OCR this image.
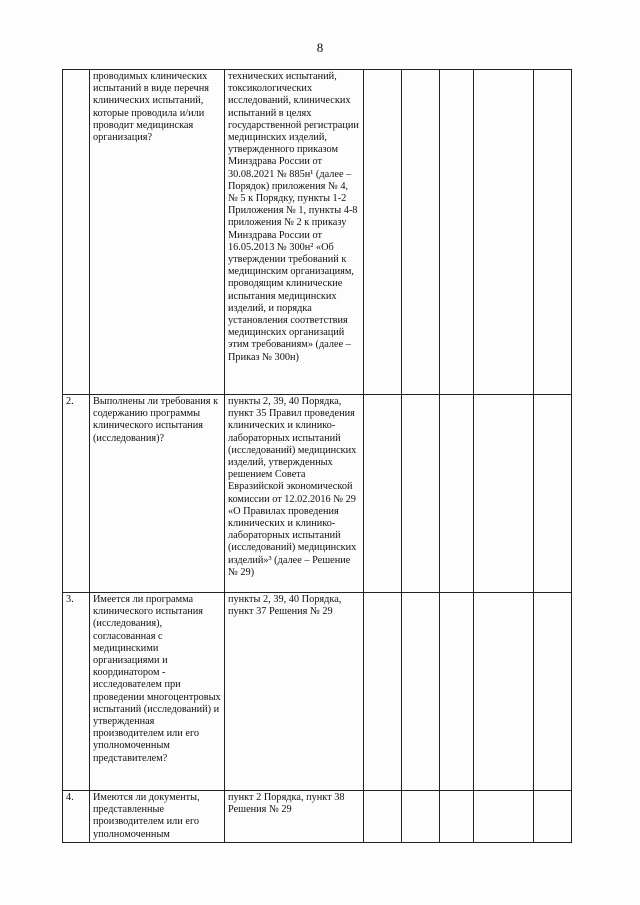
8
	проводимых клинических испытаний в виде перечня клинических испытаний, которые проводила и/или проводит медицинская организация?	технических испытаний, токсикологических исследований, клинических испытаний в целях государственной регистрации медицинских изделий, утвержденного приказом Минздрава России от 30.08.2021 № 885н¹ (далее – Порядок) приложения № 4, № 5 к Порядку, пункты 1-2 Приложения № 1, пункты 4-8 приложения № 2 к приказу Минздрава России от 16.05.2013 № 300н² «Об утверждении требований к медицинским организациям, проводящим клинические испытания медицинских изделий, и порядка установления соответствия медицинских организаций этим требованиям» (далее – Приказ № 300н)					
2.	Выполнены ли требования к содержанию программы клинического испытания (исследования)?	пункты 2, 39, 40 Порядка, пункт 35 Правил проведения клинических и клинико-лабораторных испытаний (исследований) медицинских изделий, утвержденных решением Совета Евразийской экономической комиссии от 12.02.2016 № 29 «О Правилах проведения клинических и клинико-лабораторных испытаний (исследований) медицинских изделий»³ (далее – Решение № 29)					
3.	Имеется ли программа клинического испытания (исследования), согласованная с медицинскими организациями и координатором - исследователем при проведении многоцентровых испытаний (исследований) и утвержденная производителем или его уполномоченным представителем?	пункты 2, 39, 40 Порядка, пункт 37 Решения № 29					
4.	Имеются ли документы, представленные производителем или его уполномоченным	пункт 2 Порядка, пункт 38 Решения № 29					
